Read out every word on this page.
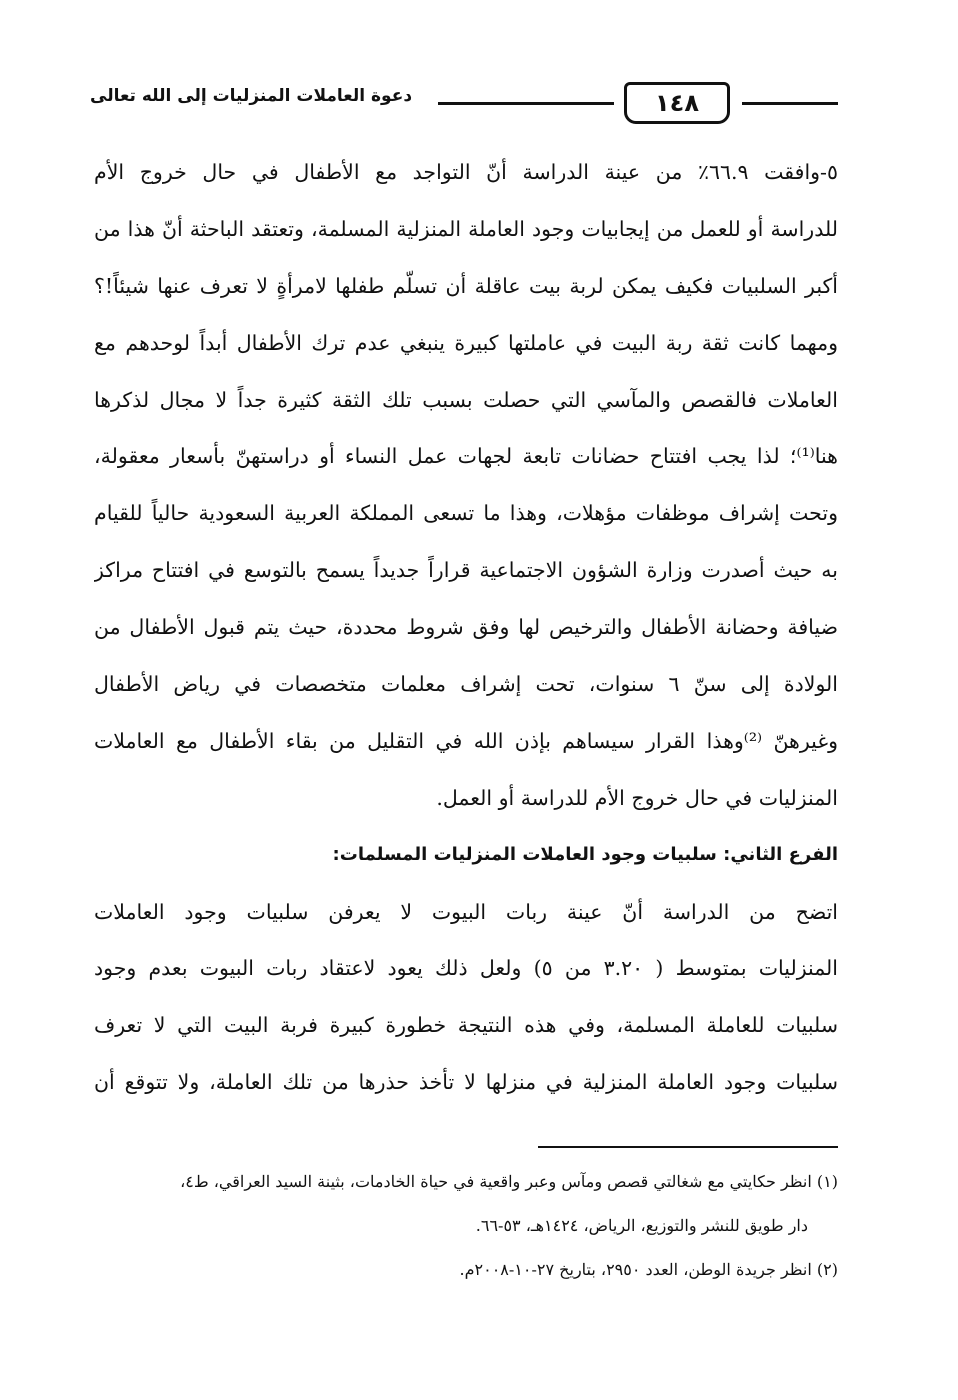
١٤٨
دعوة العاملات المنزليات إلى الله تعالى
٥-وافقت ٦٦.٩٪ من عينة الدراسة أنّ التواجد مع الأطفال في حال خروج الأم
للدراسة أو للعمل من إيجابيات وجود العاملة المنزلية المسلمة، وتعتقد الباحثة أنّ هذا من
أكبر السلبيات فكيف يمكن لربة بيت عاقلة أن تسلّم طفلها لامرأةٍ لا تعرف عنها شيئاً!؟
ومهما كانت ثقة ربة البيت في عاملتها كبيرة ينبغي عدم ترك الأطفال أبداً لوحدهم مع
العاملات فالقصص والمآسي التي حصلت بسبب تلك الثقة كثيرة جداً لا مجال لذكرها
هنا⁽¹⁾؛ لذا يجب افتتاح حضانات تابعة لجهات عمل النساء أو دراستهنّ بأسعار معقولة،
وتحت إشراف موظفات مؤهلات، وهذا ما تسعى المملكة العربية السعودية حالياً للقيام
به حيث أصدرت وزارة الشؤون الاجتماعية قراراً جديداً يسمح بالتوسع في افتتاح مراكز
ضيافة وحضانة الأطفال والترخيص لها وفق شروط محددة، حيث يتم قبول الأطفال من
الولادة إلى سنّ ٦ سنوات، تحت إشراف معلمات متخصصات في رياض الأطفال
وغيرهنّ ⁽²⁾وهذا القرار سيساهم بإذن الله في التقليل من بقاء الأطفال مع العاملات
المنزليات في حال خروج الأم للدراسة أو العمل.
الفرع الثاني: سلبيات وجود العاملات المنزليات المسلمات:
اتضح من الدراسة أنّ عينة ربات البيوت لا يعرفن سلبيات وجود العاملات
المنزليات بمتوسط ( ٣.٢٠ من ٥) ولعل ذلك يعود لاعتقاد ربات البيوت بعدم وجود
سلبيات للعاملة المسلمة، وفي هذه النتيجة خطورة كبيرة فربة البيت التي لا تعرف
سلبيات وجود العاملة المنزلية في منزلها لا تأخذ حذرها من تلك العاملة، ولا تتوقع أن
(١) انظر حكايتي مع شغالتي قصص ومآس وعبر واقعية في حياة الخادمات، بثينة السيد العراقي، ط٤،
دار طويق للنشر والتوزيع، الرياض، ١٤٢٤هـ، ٥٣-٦٦.
(٢) انظر جريدة الوطن، العدد ٢٩٥٠، بتاريخ ٢٧-١٠-٢٠٠٨م.
